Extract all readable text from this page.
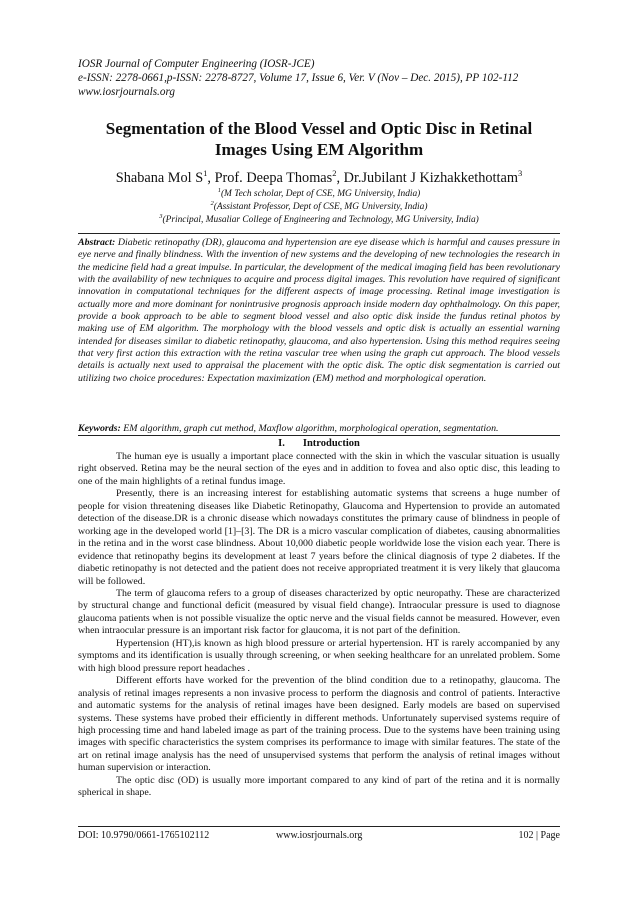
IOSR Journal of Computer Engineering (IOSR-JCE)
e-ISSN: 2278-0661,p-ISSN: 2278-8727, Volume 17, Issue 6, Ver. V (Nov – Dec. 2015), PP 102-112
www.iosrjournals.org
Segmentation of the Blood Vessel and Optic Disc in Retinal
Images Using EM Algorithm
Shabana Mol $S^1$, Prof. Deepa Thomas$^2$, Dr.Jubilant J Kizhakkethottam$^3$
$^1$(M Tech scholar, Dept of CSE, MG University, India)
$^2$(Assistant Professor, Dept of CSE, MG University, India)
$^3$(Principal, Musaliar College of Engineering and Technology, MG University, India)
Abstract: Diabetic retinopathy (DR), glaucoma and hypertension are eye disease which is harmful and causes pressure in eye nerve and finally blindness. With the invention of new systems and the developing of new technologies the research in the medicine field had a great impulse. In particular, the development of the medical imaging field has been revolutionary with the availability of new techniques to acquire and process digital images. This revolution have required of significant innovation in computational techniques for the different aspects of image processing. Retinal image investigation is actually more and more dominant for nonintrusive prognosis approach inside modern day ophthalmology. On this paper, provide a book approach to be able to segment blood vessel and also optic disk inside the fundus retinal photos by making use of EM algorithm. The morphology with the blood vessels and optic disk is actually an essential warning intended for diseases similar to diabetic retinopathy, glaucoma, and also hypertension. Using this method requires seeing that very first action this extraction with the retina vascular tree when using the graph cut approach. The blood vessels details is actually next used to appraisal the placement with the optic disk. The optic disk segmentation is carried out utilizing two choice procedures: Expectation maximization (EM) method and morphological operation.
Keywords: EM algorithm, graph cut method, Maxflow algorithm, morphological operation, segmentation.
I. Introduction

The human eye is usually a important place connected with the skin in which the vascular situation is usually right observed. Retina may be the neural section of the eyes and in addition to fovea and also optic disc, this leading to one of the main highlights of a retinal fundus image.

Presently, there is an increasing interest for establishing automatic systems that screens a huge number of people for vision threatening diseases like Diabetic Retinopathy, Glaucoma and Hypertension to provide an automated detection of the disease.DR is a chronic disease which nowadays constitutes the primary cause of blindness in people of working age in the developed world [1]–[3]. The DR is a micro vascular complication of diabetes, causing abnormalities in the retina and in the worst case blindness. About 10,000 diabetic people worldwide lose the vision each year. There is evidence that retinopathy begins its development at least 7 years before the clinical diagnosis of type 2 diabetes. If the diabetic retinopathy is not detected and the patient does not receive appropriated treatment it is very likely that glaucoma will be followed.

The term of glaucoma refers to a group of diseases characterized by optic neuropathy. These are characterized by structural change and functional deficit (measured by visual field change). Intraocular pressure is used to diagnose glaucoma patients when is not possible visualize the optic nerve and the visual fields cannot be measured. However, even when intraocular pressure is an important risk factor for glaucoma, it is not part of the definition.

Hypertension (HT),is known as high blood pressure or arterial hypertension. HT is rarely accompanied by any symptoms and its identification is usually through screening, or when seeking healthcare for an unrelated problem. Some with high blood pressure report headaches .

Different efforts have worked for the prevention of the blind condition due to a retinopathy, glaucoma. The analysis of retinal images represents a non invasive process to perform the diagnosis and control of patients. Interactive and automatic systems for the analysis of retinal images have been designed. Early models are based on supervised systems. These systems have probed their efficiently in different methods. Unfortunately supervised systems require of high processing time and hand labeled image as part of the training process. Due to the systems have been training using images with specific characteristics the system comprises its performance to image with similar features. The state of the art on retinal image analysis has the need of unsupervised systems that perform the analysis of retinal images without human supervision or interaction.

The optic disc (OD) is usually more important compared to any kind of part of the retina and it is normally spherical in shape.

DOI: 10.9790/0661-1765102112	www.iosrjournals.org	102 | Page
